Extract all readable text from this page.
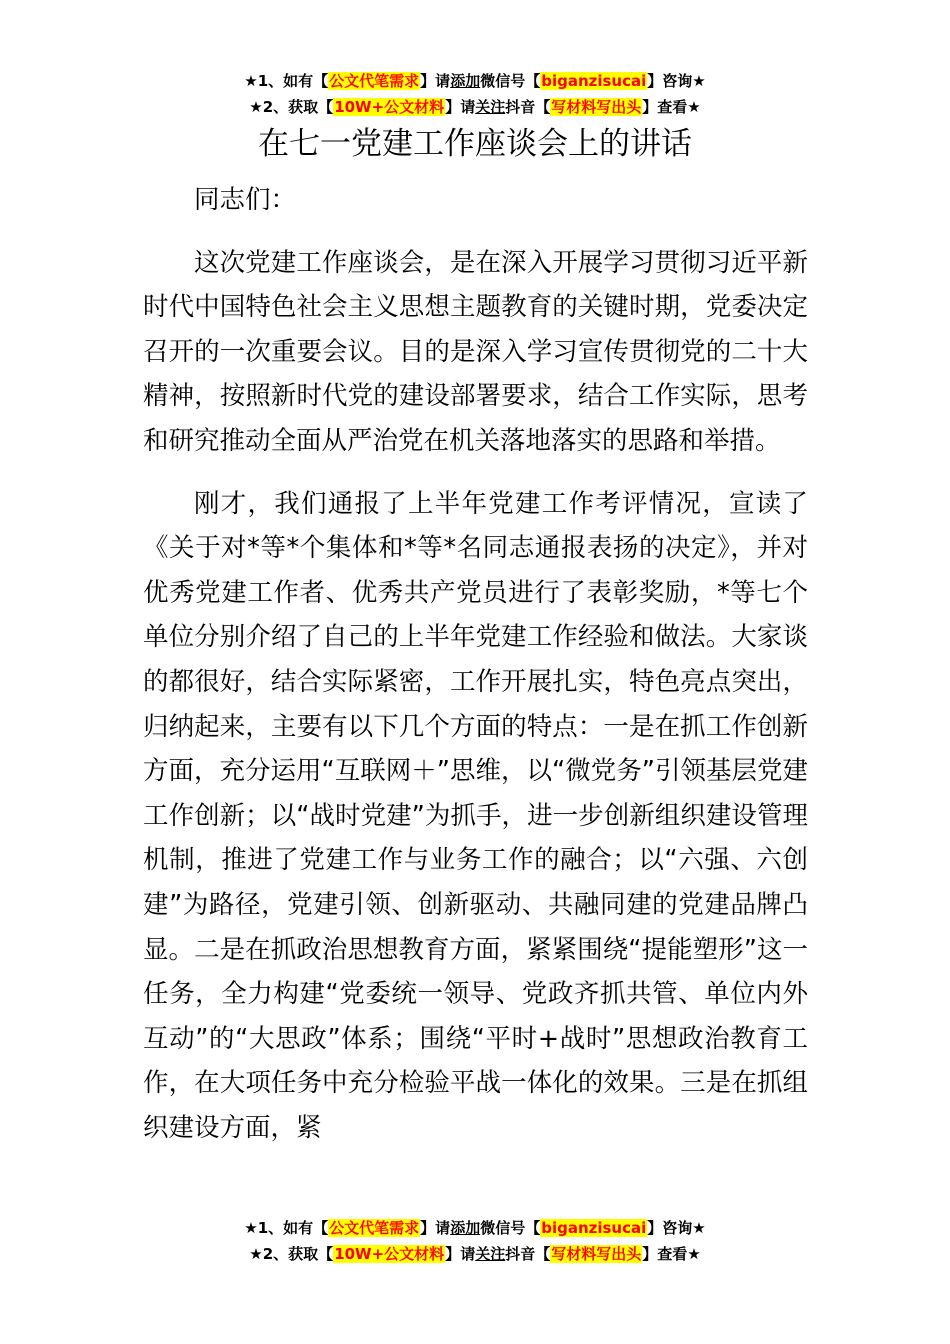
★1、如有【公文代笔需求】请添加微信号【biganzisucai】咨询★
★2、获取【10W+公文材料】请关注抖音【写材料写出头】查看★
在七一党建工作座谈会上的讲话

同志们：

这次党建工作座谈会，是在深入开展学习贯彻习近平新时代中国特色社会主义思想主题教育的关键时期，党委决定召开的一次重要会议。目的是深入学习宣传贯彻党的二十大精神，按照新时代党的建设部署要求，结合工作实际，思考和研究推动全面从严治党在机关落地落实的思路和举措。

刚才，我们通报了上半年党建工作考评情况，宣读了《关于对*等*个集体和*等*名同志通报表扬的决定》，并对优秀党建工作者、优秀共产党员进行了表彰奖励，*等七个单位分别介绍了自己的上半年党建工作经验和做法。大家谈的都很好，结合实际紧密，工作开展扎实，特色亮点突出，归纳起来，主要有以下几个方面的特点：一是在抓工作创新方面，充分运用“互联网＋”思维，以“微党务”引领基层党建工作创新；以“战时党建”为抓手，进一步创新组织建设管理机制，推进了党建工作与业务工作的融合；以“六强、六创建”为路径，党建引领、创新驱动、共融同建的党建品牌凸显。二是在抓政治思想教育方面，紧紧围绕“提能塑形”这一任务，全力构建“党委统一领导、党政齐抓共管、单位内外互动”的“大思政”体系；围绕“平时+战时”思想政治教育工作，在大项任务中充分检验平战一体化的效果。三是在抓组织建设方面，紧

★1、如有【公文代笔需求】请添加微信号【biganzisucai】咨询★
★2、获取【10W+公文材料】请关注抖音【写材料写出头】查看★
